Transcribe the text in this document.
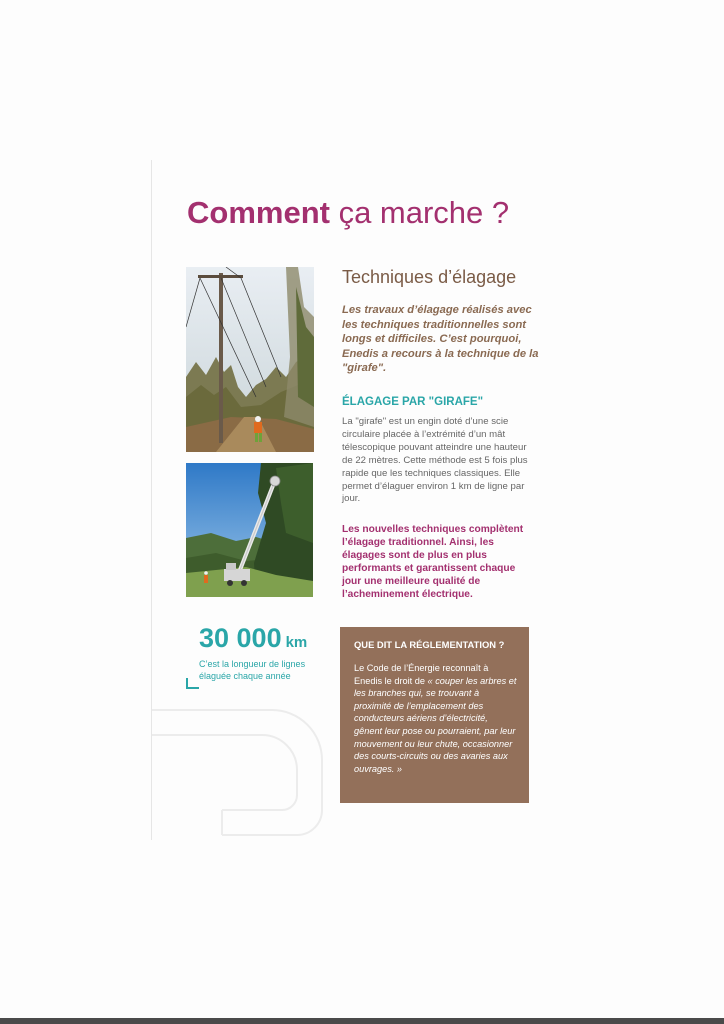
Comment ça marche ?
Techniques d’élagage

Les travaux d’élagage réalisés avec les techniques traditionnelles sont longs et difficiles. C’est pourquoi, Enedis a recours à la technique de la "girafe".

ÉLAGAGE PAR "GIRAFE"

La "girafe" est un engin doté d’une scie circulaire placée à l’extrémité d’un mât télescopique pouvant atteindre une hauteur de 22 mètres. Cette méthode est 5 fois plus rapide que les techniques classiques. Elle permet d’élaguer environ 1 km de ligne par jour.

Les nouvelles techniques complètent l’élagage traditionnel. Ainsi, les élagages sont de plus en plus performants et garantissent chaque jour une meilleure qualité de l’acheminement électrique.

30 000 km

C’est la longueur de lignes élaguée chaque année

QUE DIT LA RÉGLEMENTATION ?

Le Code de l’Énergie reconnaît à Enedis le droit de « couper les arbres et les branches qui, se trouvant à proximité de l’emplacement des conducteurs aériens d’électricité, gênent leur pose ou pourraient, par leur mouvement ou leur chute, occasionner des courts-circuits ou des avaries aux ouvrages. »
